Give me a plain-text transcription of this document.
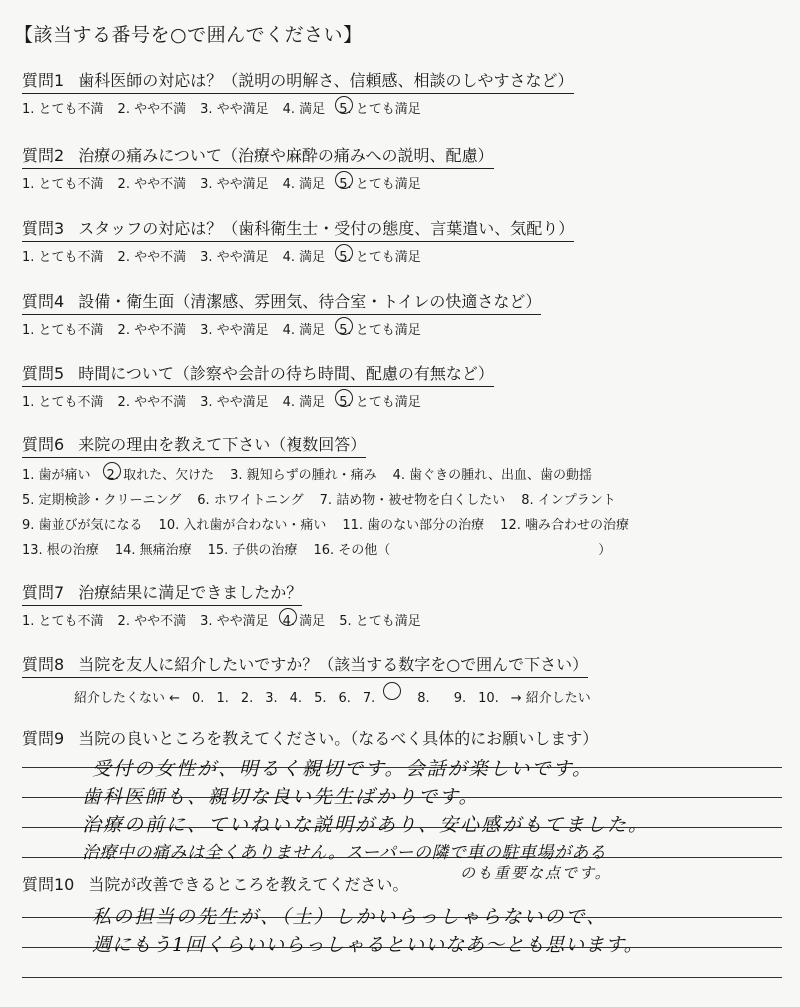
【該当する番号を○で囲んでください】
質問1 歯科医師の対応は？（説明の明解さ、信頼感、相談のしやすさなど）
1. とても不満 2. やや不満 3. やや満足 4. 満足 5. とても満足
質問2 治療の痛みについて（治療や麻酔の痛みへの説明、配慮）
1. とても不満 2. やや不満 3. やや満足 4. 満足 5. とても満足
質問3 スタッフの対応は？（歯科衛生士・受付の態度、言葉遣い、気配り）
1. とても不満 2. やや不満 3. やや満足 4. 満足 5. とても満足
質問4 設備・衛生面（清潔感、雰囲気、待合室・トイレの快適さなど）
1. とても不満 2. やや不満 3. やや満足 4. 満足 5. とても満足
質問5 時間について（診察や会計の待ち時間、配慮の有無など）
1. とても不満 2. やや不満 3. やや満足 4. 満足 5. とても満足
質問6 来院の理由を教えて下さい（複数回答）
1. 歯が痛い 2. 取れた、欠けた 3. 親知らずの腫れ・痛み 4. 歯ぐきの腫れ、出血、歯の動揺
5. 定期検診・クリーニング 6. ホワイトニング 7. 詰め物・被せ物を白くしたい 8. インプラント
9. 歯並びが気になる 10. 入れ歯が合わない・痛い 11. 歯のない部分の治療 12. 噛み合わせの治療
13. 根の治療 14. 無痛治療 15. 子供の治療 16. その他（　　　　　　　　　　　　　　　　）
質問7 治療結果に満足できましたか？
1. とても不満 2. やや不満 3. やや満足 4. 満足 5. とても満足
質問8 当院を友人に紹介したいですか？（該当する数字を○で囲んで下さい）
紹介したくない ← 0. 1. 2. 3. 4. 5. 6. 7.	8. 9. 10. → 紹介したい
質問9 当院の良いところを教えてください。（なるべく具体的にお願いします）
受付の女性が、明るく親切です。会話が楽しいです。
歯科医師も、親切な良い先生ばかりです。
治療の前に、ていねいな説明があり、安心感がもてました。
治療中の痛みは全くありません。スーパーの隣で車の駐車場がある
のも重要な点です。
質問10 当院が改善できるところを教えてください。
私の担当の先生が、（土）しかいらっしゃらないので、
週にもう1回くらいいらっしゃるといいなあ〜とも思います。
